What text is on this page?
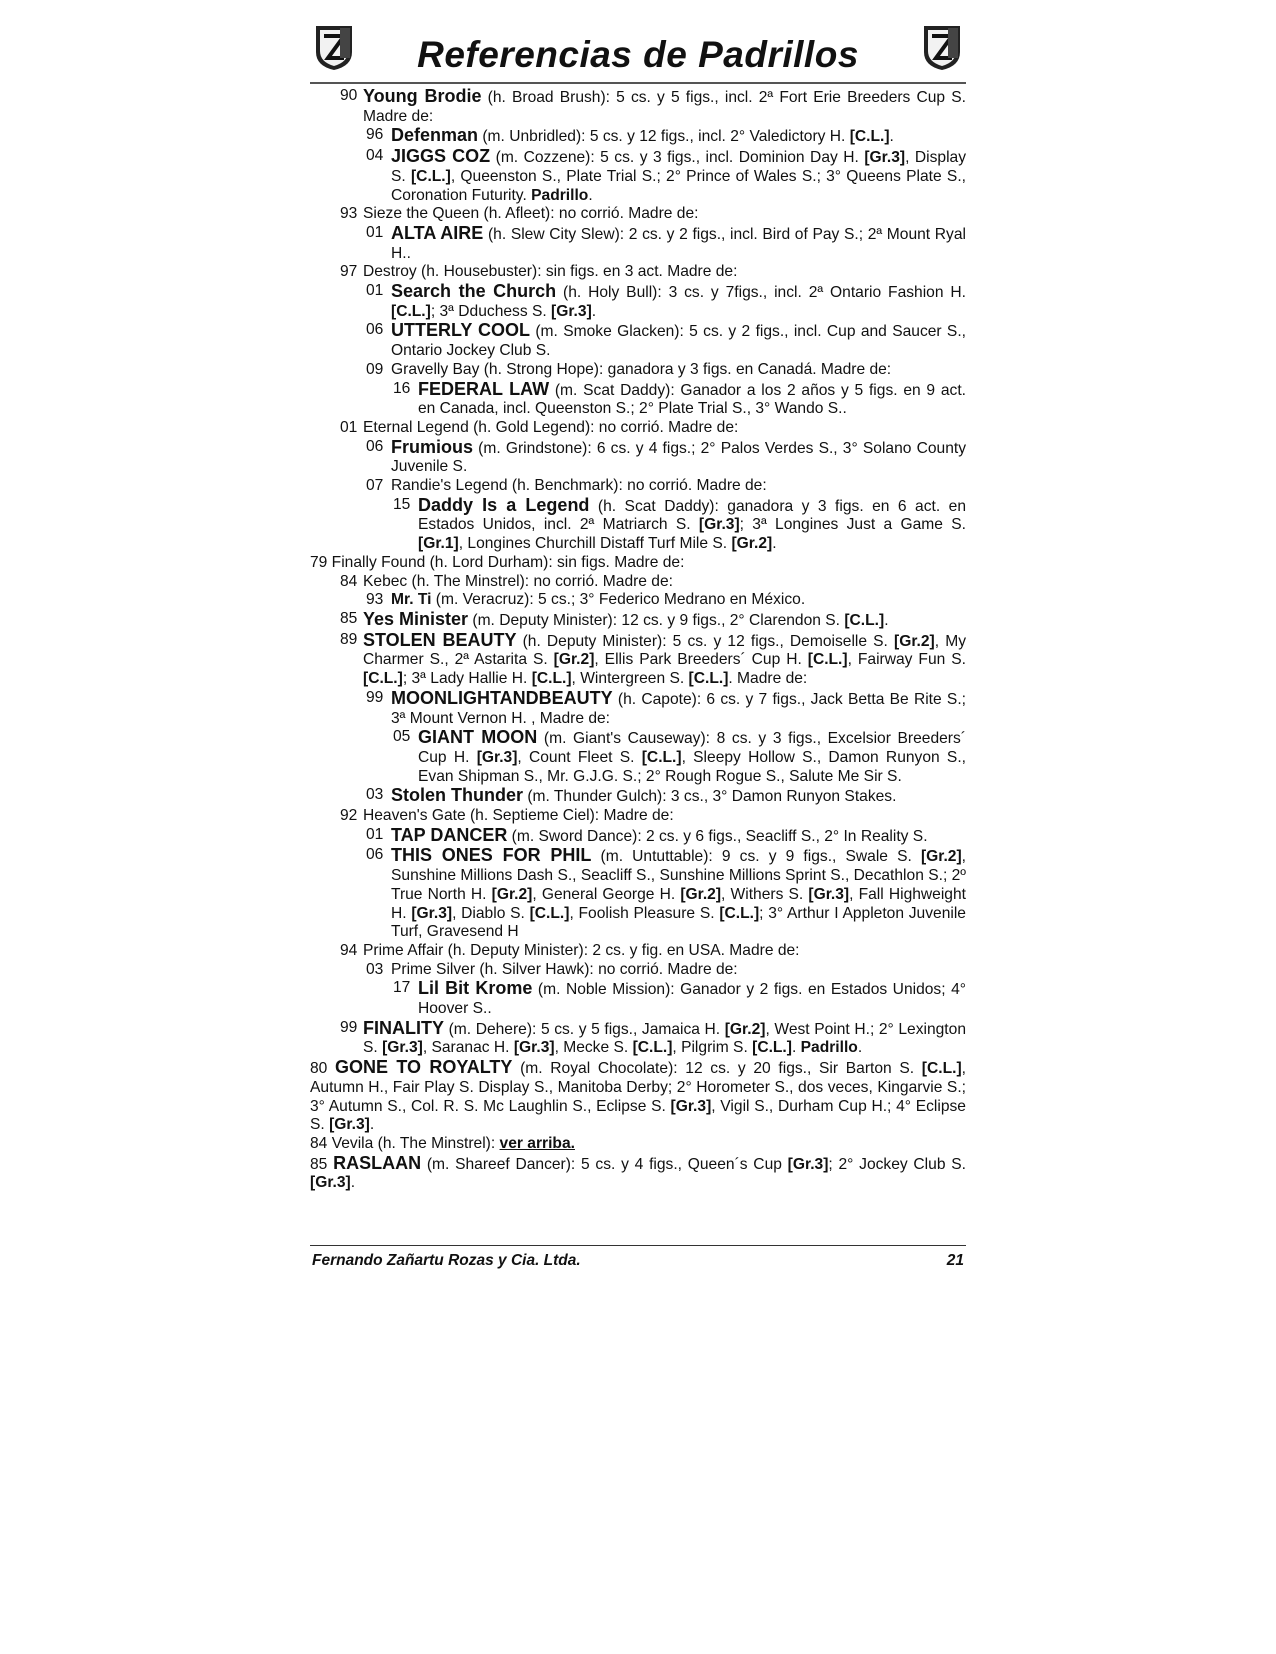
Referencias de Padrillos
90 Young Brodie (h. Broad Brush): 5 cs. y 5 figs., incl. 2ª Fort Erie Breeders Cup S. Madre de:
96 Defenman (m. Unbridled): 5 cs. y 12 figs., incl. 2° Valedictory H. [C.L.].
04 JIGGS COZ (m. Cozzene): 5 cs. y 3 figs., incl. Dominion Day H. [Gr.3], Display S. [C.L.], Queenston S., Plate Trial S.; 2° Prince of Wales S.; 3° Queens Plate S., Coronation Futurity. Padrillo.
93 Sieze the Queen (h. Afleet): no corrió. Madre de:
01 ALTA AIRE (h. Slew City Slew): 2 cs. y 2 figs., incl. Bird of Pay S.; 2ª Mount Ryal H..
97 Destroy (h. Housebuster): sin figs. en 3 act. Madre de:
01 Search the Church (h. Holy Bull): 3 cs. y 7figs., incl. 2ª Ontario Fashion H. [C.L.]; 3ª Dduchess S. [Gr.3].
06 UTTERLY COOL (m. Smoke Glacken): 5 cs. y 2 figs., incl. Cup and Saucer S., Ontario Jockey Club S.
09 Gravelly Bay (h. Strong Hope): ganadora y 3 figs. en Canadá. Madre de:
16 FEDERAL LAW (m. Scat Daddy): Ganador a los 2 años y 5 figs. en 9 act. en Canada, incl. Queenston S.; 2° Plate Trial S., 3° Wando S..
01 Eternal Legend (h. Gold Legend): no corrió. Madre de:
06 Frumious (m. Grindstone): 6 cs. y 4 figs.; 2° Palos Verdes S., 3° Solano County Juvenile S.
07 Randie's Legend (h. Benchmark): no corrió. Madre de:
15 Daddy Is a Legend (h. Scat Daddy): ganadora y 3 figs. en 6 act. en Estados Unidos, incl. 2ª Matriarch S. [Gr.3]; 3ª Longines Just a Game S. [Gr.1], Longines Churchill Distaff Turf Mile S. [Gr.2].
79 Finally Found (h. Lord Durham): sin figs. Madre de:
84 Kebec (h. The Minstrel): no corrió. Madre de:
93 Mr. Ti (m. Veracruz): 5 cs.; 3° Federico Medrano en México.
85 Yes Minister (m. Deputy Minister): 12 cs. y 9 figs., 2° Clarendon S. [C.L.].
89 STOLEN BEAUTY (h. Deputy Minister): 5 cs. y 12 figs., Demoiselle S. [Gr.2], My Charmer S., 2ª Astarita S. [Gr.2], Ellis Park Breeders´ Cup H. [C.L.], Fairway Fun S. [C.L.]; 3ª Lady Hallie H. [C.L.], Wintergreen S. [C.L.]. Madre de:
99 MOONLIGHTANDBEAUTY (h. Capote): 6 cs. y 7 figs., Jack Betta Be Rite S.; 3ª Mount Vernon H. , Madre de:
05 GIANT MOON (m. Giant's Causeway): 8 cs. y 3 figs., Excelsior Breeders´ Cup H. [Gr.3], Count Fleet S. [C.L.], Sleepy Hollow S., Damon Runyon S., Evan Shipman S., Mr. G.J.G. S.; 2° Rough Rogue S., Salute Me Sir S.
03 Stolen Thunder (m. Thunder Gulch): 3 cs., 3° Damon Runyon Stakes.
92 Heaven's Gate (h. Septieme Ciel): Madre de:
01 TAP DANCER (m. Sword Dance): 2 cs. y 6 figs., Seacliff S., 2° In Reality S.
06 THIS ONES FOR PHIL (m. Untuttable): 9 cs. y 9 figs., Swale S. [Gr.2], Sunshine Millions Dash S., Seacliff S., Sunshine Millions Sprint S., Decathlon S.; 2º True North H. [Gr.2], General George H. [Gr.2], Withers S. [Gr.3], Fall Highweight H. [Gr.3], Diablo S. [C.L.], Foolish Pleasure S. [C.L.]; 3° Arthur I Appleton Juvenile Turf, Gravesend H
94 Prime Affair (h. Deputy Minister): 2 cs. y fig. en USA. Madre de:
03 Prime Silver (h. Silver Hawk): no corrió. Madre de:
17 Lil Bit Krome (m. Noble Mission): Ganador y 2 figs. en Estados Unidos; 4° Hoover S..
99 FINALITY (m. Dehere): 5 cs. y 5 figs., Jamaica H. [Gr.2], West Point H.; 2° Lexington S. [Gr.3], Saranac H. [Gr.3], Mecke S. [C.L.], Pilgrim S. [C.L.]. Padrillo.
80 GONE TO ROYALTY (m. Royal Chocolate): 12 cs. y 20 figs., Sir Barton S. [C.L.], Autumn H., Fair Play S. Display S., Manitoba Derby; 2° Horometer S., dos veces, Kingarvie S.; 3° Autumn S., Col. R. S. Mc Laughlin S., Eclipse S. [Gr.3], Vigil S., Durham Cup H.; 4° Eclipse S. [Gr.3].
84 Vevila (h. The Minstrel): ver arriba.
85 RASLAAN (m. Shareef Dancer): 5 cs. y 4 figs., Queen´s Cup [Gr.3]; 2° Jockey Club S. [Gr.3].
Fernando Zañartu Rozas y Cia. Ltda.	21
